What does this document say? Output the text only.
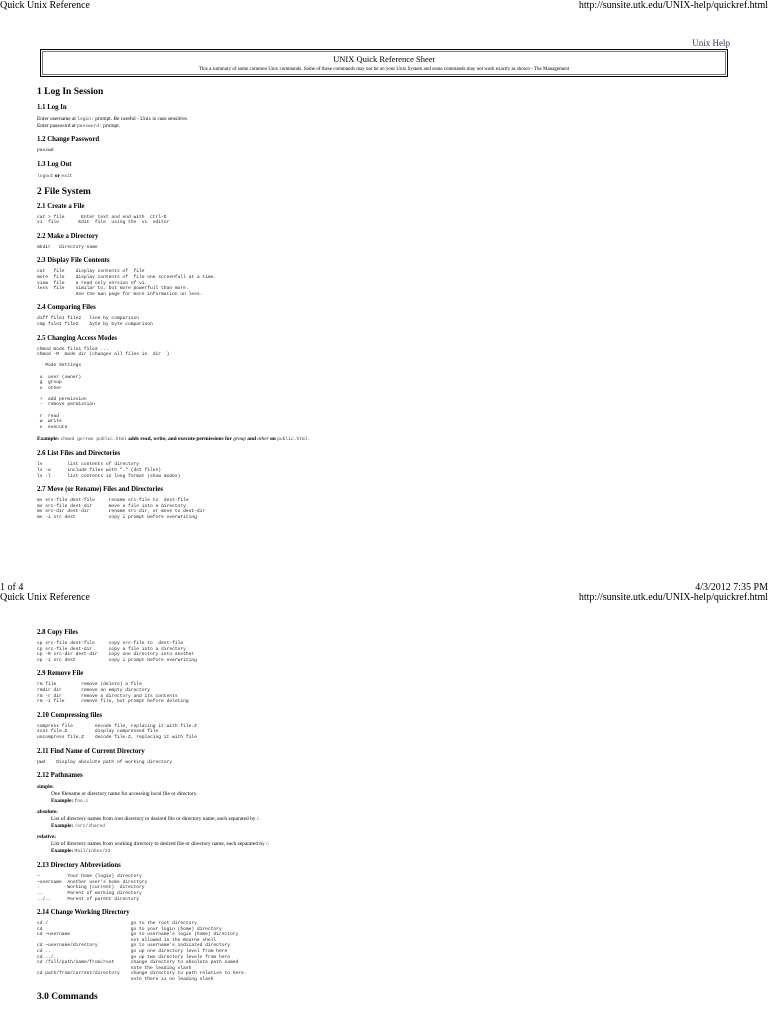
Quick Unix Reference	http://sunsite.utk.edu/UNIX-help/quickref.html
Unix Help
UNIX Quick Reference Sheet
This a summary of some common Unix commands. Some of these commands may not be on your Unix System and some commands may not work exactly as shown - The Management
1 Log In Session
1.1 Log In

Enter username at login: prompt. Be careful - Unix is case sensitive.

Enter password at password: prompt.

1.2 Change Password
passwd
1.3 Log Out

logout or exit

2 File System
2.1 Create a File
cat > file      Enter text and end with  ctrl-D
vi  file       Edit  file  using the  vi  editor
2.2 Make a Directory
mkdir   directory-name
2.3 Display File Contents
cat   file    display contents of  file
more  file    display contents of  file one screenfull at a time.
view  file    a read only version of vi.
less  file    similar to, but more powerfull than more.
See the man page for more information on less.
2.4 Comparing Files
diff file1 file2   line by comparison
cmp file1 file2    byte by byte comparison
2.5 Changing Access Modes
chmod mode file1 file2 ...
chmod -R  mode dir (changes all files in  dir  )

Mode Settings

u  user (owner)
g  group
o  other

+  add permission
-  remove permission

r  read
w  write
x  execute

Example: chmod go+rwx public.html adds read, write, and execute permissions for group and other on public.html.

2.6 List Files and Directories
ls         list contents of directory
ls -a      include files with "." (dot files)
ls -l      list contents in long format (show modes)
2.7 Move (or Rename) Files and Directories
mv src-file dest-file     rename src-file to  dest-file
mv src-file dest-dir      move a file into a directory
mv src-dir dest-dir       rename src-dir, or move to dest-dir
mv -i src dest            copy i prompt before overwriting
1 of 4	4/3/2012 7:35 PM
Quick Unix Reference	http://sunsite.utk.edu/UNIX-help/quickref.html
2.8 Copy Files
cp src-file dest-file     copy src-file to  dest-file
cp src-file dest-dir      copy a file into a directory
cp -R src-dir dest-dir    copy one directory into another
cp -i src dest            copy i prompt before overwriting
2.9 Remove File
rm file         remove (delete) a file
rmdir dir       remove an empty directory
rm -r dir       remove a directory and its contents
rm -i file      remove file, but prompt before deleting
2.10 Compressing files
compress file        encode file, replacing it with file.Z
zcat file.Z          display compressed file
uncompress file.Z    decode file.Z, replacing it with file
2.11 Find Name of Current Directory
pwd    Display absolute path of working directory
2.12 Pathnames
simple:

One filename or directory name for accessing local file or directory.

Example: foo.c

absolute:

List of directory names from root directory to desired file or directory name, each separated by /.

Example: /src/shared

relative:

List of directory names from working directory to desired file or directory name, each separated by /.

Example: Mail/inbox/23

2.13 Directory Abbreviations
~          Your home (login) directory
~username  Another user's home directory
.          Working (current)  directory
..         Parent of working directory
../..      Parent of parent directory
2.14 Change Working Directory
cd /                              go to the root directory
cd                                go to your login (home) directory
cd ~username                      go to username's login (home) directory
not allowed in the Bourne shell
cd ~username/directory            go to username's indicated directory
cd ..                             go up one directory level from here
cd ../..                          go up two directory levels from here
cd /full/path/name/from/root      change directory to absolute path named
note the leading slash
cd path/from/current/directory    change directory to path relative to here.
note there is no leading slash
3.0 Commands
